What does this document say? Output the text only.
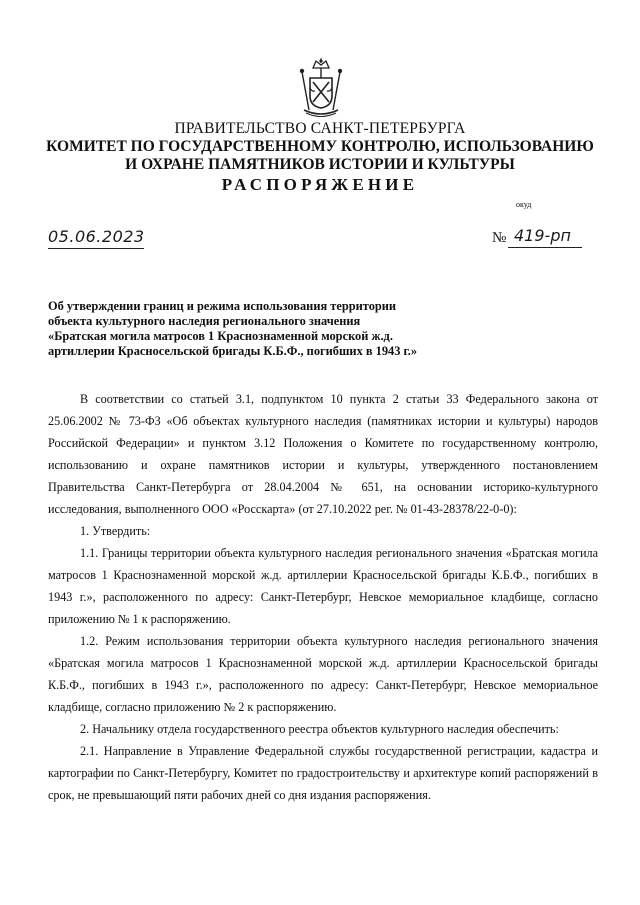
ПРАВИТЕЛЬСТВО САНКТ-ПЕТЕРБУРГА
КОМИТЕТ ПО ГОСУДАРСТВЕННОМУ КОНТРОЛЮ, ИСПОЛЬЗОВАНИЮ
И ОХРАНЕ ПАМЯТНИКОВ ИСТОРИИ И КУЛЬТУРЫ
РАСПОРЯЖЕНИЕ
окуд
05.06.2023	№ 419-рп
Об утверждении границ и режима использования территории
объекта культурного наследия регионального значения
«Братская могила матросов 1 Краснознаменной морской ж.д.
артиллерии Красносельской бригады К.Б.Ф., погибших в 1943 г.»

В соответствии со статьей 3.1, подпунктом 10 пункта 2 статьи 33 Федерального закона от 25.06.2002 № 73-ФЗ «Об объектах культурного наследия (памятниках истории и культуры) народов Российской Федерации» и пунктом 3.12 Положения о Комитете по государственному контролю, использованию и охране памятников истории и культуры, утвержденного постановлением Правительства Санкт-Петербурга от 28.04.2004 № 651, на основании историко-культурного исследования, выполненного ООО «Росскарта» (от 27.10.2022 рег. № 01-43-28378/22-0-0):

1. Утвердить:

1.1. Границы территории объекта культурного наследия регионального значения «Братская могила матросов 1 Краснознаменной морской ж.д. артиллерии Красносельской бригады К.Б.Ф., погибших в 1943 г.», расположенного по адресу: Санкт-Петербург, Невское мемориальное кладбище, согласно приложению № 1 к распоряжению.

1.2. Режим использования территории объекта культурного наследия регионального значения «Братская могила матросов 1 Краснознаменной морской ж.д. артиллерии Красносельской бригады К.Б.Ф., погибших в 1943 г.», расположенного по адресу: Санкт-Петербург, Невское мемориальное кладбище, согласно приложению № 2 к распоряжению.

2. Начальнику отдела государственного реестра объектов культурного наследия обеспечить:

2.1. Направление в Управление Федеральной службы государственной регистрации, кадастра и картографии по Санкт-Петербургу, Комитет по градостроительству и архитектуре копий распоряжений в срок, не превышающий пяти рабочих дней со дня издания распоряжения.
